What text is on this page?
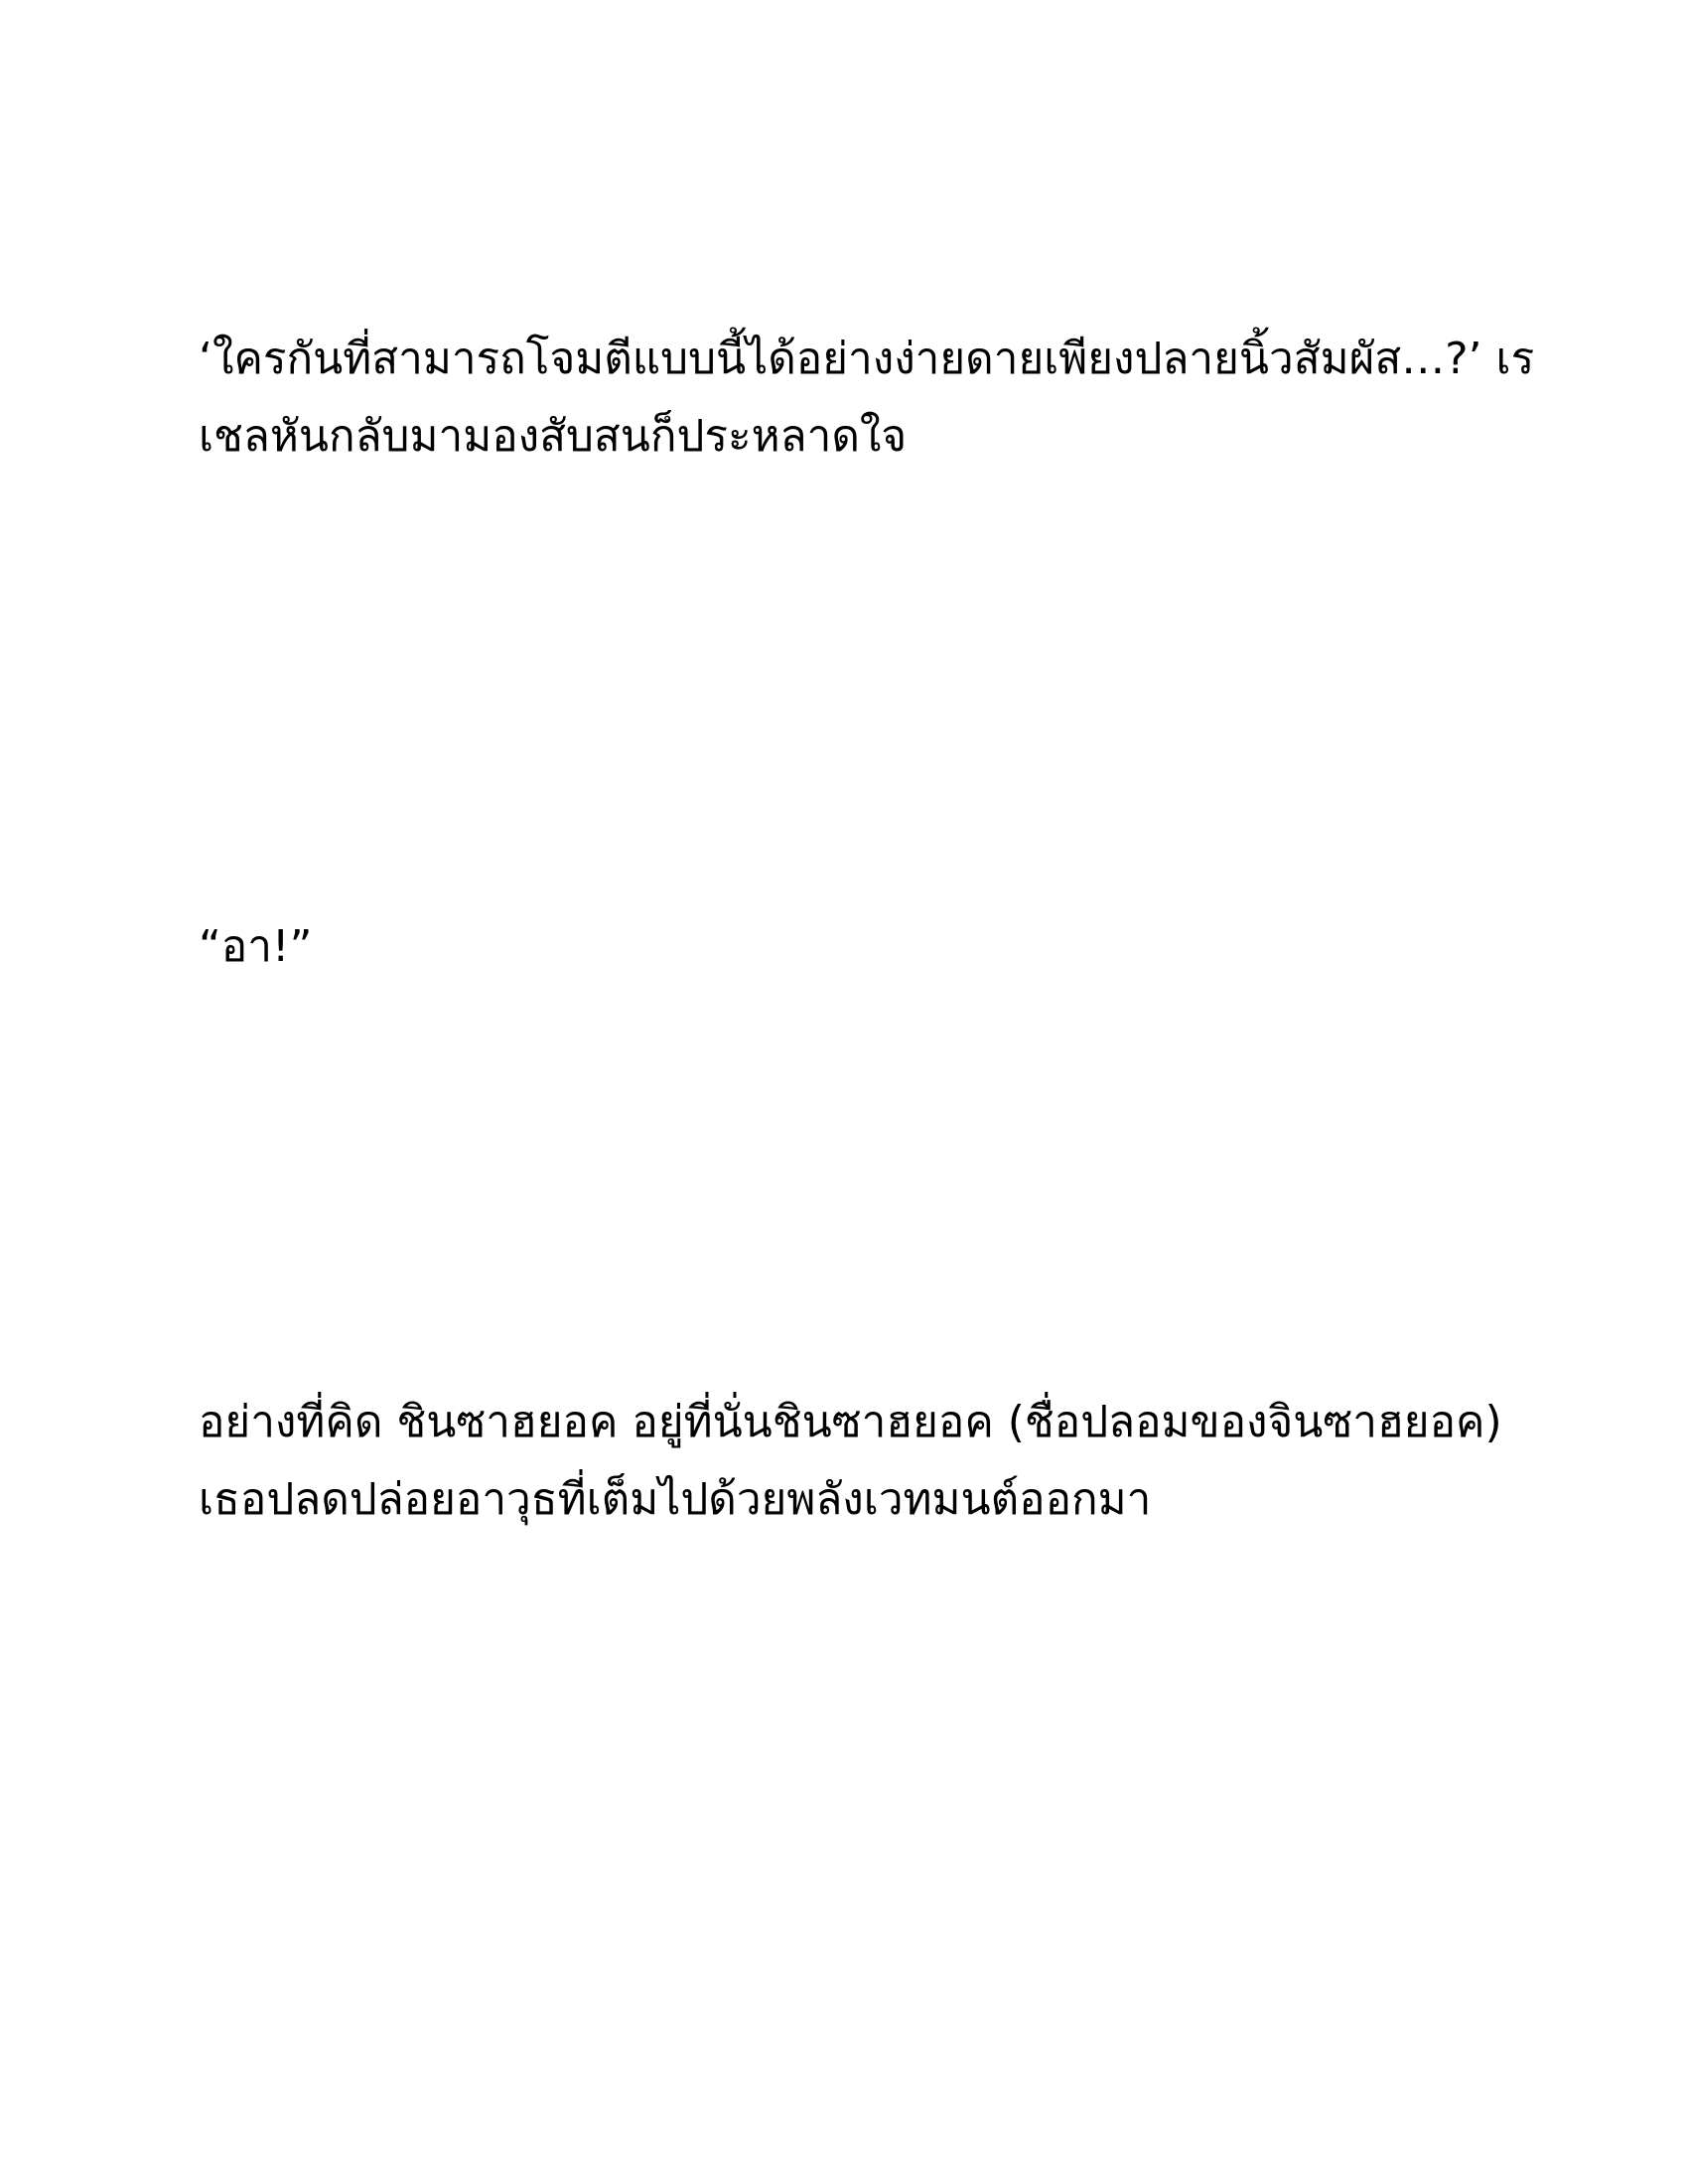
‘ใครกันที่สามารถโจมตีแบบนี้ได้อย่างง่ายดายเพียงปลายนิ้วสัมผัส…?’ เร
เชลหันกลับมามองสับสนก็ประหลาดใจ

“อา!”

อย่างที่คิด ชินซาฮยอค อยู่ที่นั่นชินซาฮยอค (ชื่อปลอมของจินซาฮยอค)
เธอปลดปล่อยอาวุธที่เต็มไปด้วยพลังเวทมนต์ออกมา
